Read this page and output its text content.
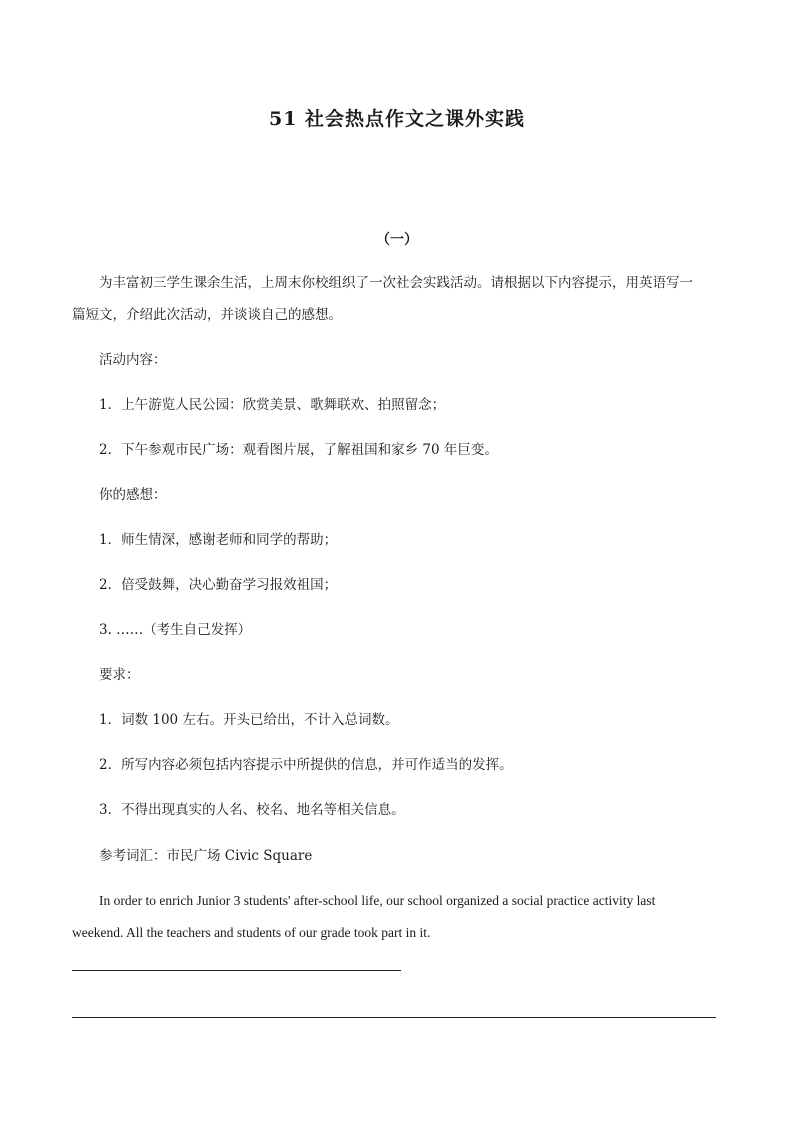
51 社会热点作文之课外实践
（一）
为丰富初三学生课余生活，上周末你校组织了一次社会实践活动。请根据以下内容提示，用英语写一
篇短文，介绍此次活动，并谈谈自己的感想。
活动内容：
1．上午游览人民公园：欣赏美景、歌舞联欢、拍照留念；
2．下午参观市民广场：观看图片展，了解祖国和家乡 70 年巨变。
你的感想：
1．师生情深，感谢老师和同学的帮助；
2．倍受鼓舞，决心勤奋学习报效祖国；
3. ……（考生自己发挥）
要求：
1．词数 100 左右。开头已给出，不计入总词数。
2．所写内容必须包括内容提示中所提供的信息，并可作适当的发挥。
3．不得出现真实的人名、校名、地名等相关信息。
参考词汇：市民广场 Civic Square
In order to enrich Junior 3 students' after-school life, our school organized a social practice activity last
weekend. All the teachers and students of our grade took part in it.
